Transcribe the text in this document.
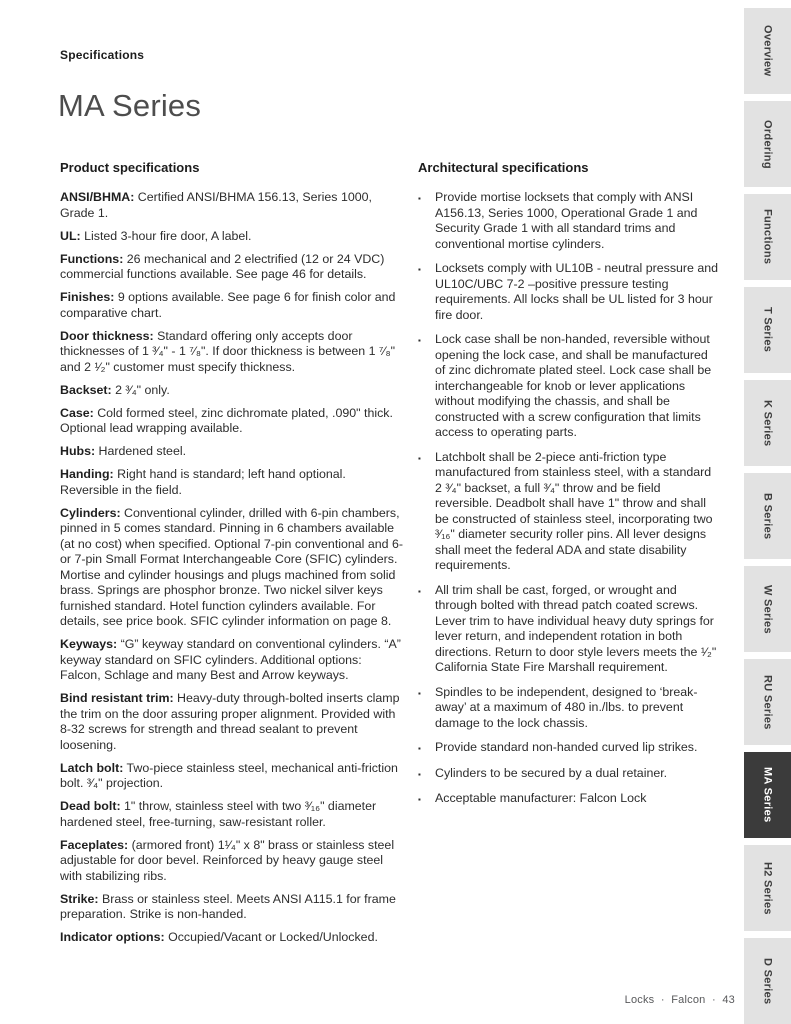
Specifications
MA Series
Product specifications

ANSI/BHMA: Certified ANSI/BHMA 156.13, Series 1000, Grade 1.

UL: Listed 3-hour fire door, A label.

Functions: 26 mechanical and 2 electrified (12 or 24 VDC) commercial functions available. See page 46 for details.

Finishes: 9 options available. See page 6 for finish color and comparative chart.

Door thickness: Standard offering only accepts door thicknesses of 1 ³⁄₄" - 1 ⁷⁄₈". If door thickness is between 1 ⁷⁄₈" and 2 ¹⁄₂" customer must specify thickness.

Backset: 2 ³⁄₄" only.

Case: Cold formed steel, zinc dichromate plated, .090" thick. Optional lead wrapping available.

Hubs: Hardened steel.

Handing: Right hand is standard; left hand optional. Reversible in the field.

Cylinders: Conventional cylinder, drilled with 6-pin chambers, pinned in 5 comes standard. Pinning in 6 chambers available (at no cost) when specified. Optional 7-pin conventional and 6- or 7-pin Small Format Interchangeable Core (SFIC) cylinders. Mortise and cylinder housings and plugs machined from solid brass. Springs are phosphor bronze. Two nickel silver keys furnished standard. Hotel function cylinders available. For details, see price book. SFIC cylinder information on page 8.

Keyways: “G” keyway standard on conventional cylinders. “A” keyway standard on SFIC cylinders. Additional options: Falcon, Schlage and many Best and Arrow keyways.

Bind resistant trim: Heavy-duty through-bolted inserts clamp the trim on the door assuring proper alignment. Provided with 8-32 screws for strength and thread sealant to prevent loosening.

Latch bolt: Two-piece stainless steel, mechanical anti-friction bolt. ³⁄₄" projection.

Dead bolt: 1" throw, stainless steel with two ³⁄₁₆" diameter hardened steel, free-turning, saw-resistant roller.

Faceplates: (armored front) 1¹⁄₄" x 8" brass or stainless steel adjustable for door bevel. Reinforced by heavy gauge steel with stabilizing ribs.

Strike: Brass or stainless steel. Meets ANSI A115.1 for frame preparation. Strike is non-handed.

Indicator options: Occupied/Vacant or Locked/Unlocked.

Architectural specifications
▪	Provide mortise locksets that comply with ANSI A156.13, Series 1000, Operational Grade 1 and Security Grade 1 with all standard trims and conventional mortise cylinders.
▪	Locksets comply with UL10B - neutral pressure and UL10C/UBC 7-2 –positive pressure testing requirements. All locks shall be UL listed for 3 hour fire door.
▪	Lock case shall be non-handed, reversible without opening the lock case, and shall be manufactured of zinc dichromate plated steel. Lock case shall be interchangeable for knob or lever applications without modifying the chassis, and shall be constructed with a screw configuration that limits access to operating parts.
▪	Latchbolt shall be 2-piece anti-friction type manufactured from stainless steel, with a standard 2 ³⁄₄" backset, a full ³⁄₄" throw and be field reversible. Deadbolt shall have 1" throw and shall be constructed of stainless steel, incorporating two ³⁄₁₆" diameter security roller pins. All lever designs shall meet the federal ADA and state disability requirements.
▪	All trim shall be cast, forged, or wrought and through bolted with thread patch coated screws. Lever trim to have individual heavy duty springs for lever return, and independent rotation in both directions. Return to door style levers meets the ¹⁄₂" California State Fire Marshall requirement.
▪	Spindles to be independent, designed to ‘break-away’ at a maximum of 480 in./lbs. to prevent damage to the lock chassis.
▪	Provide standard non-handed curved lip strikes.
▪	Cylinders to be secured by a dual retainer.
▪	Acceptable manufacturer: Falcon Lock
Locks  ·  Falcon  ·  43
Overview
Ordering
Functions
T Series
K Series
B Series
W Series
RU Series
MA Series
H2 Series
D Series
